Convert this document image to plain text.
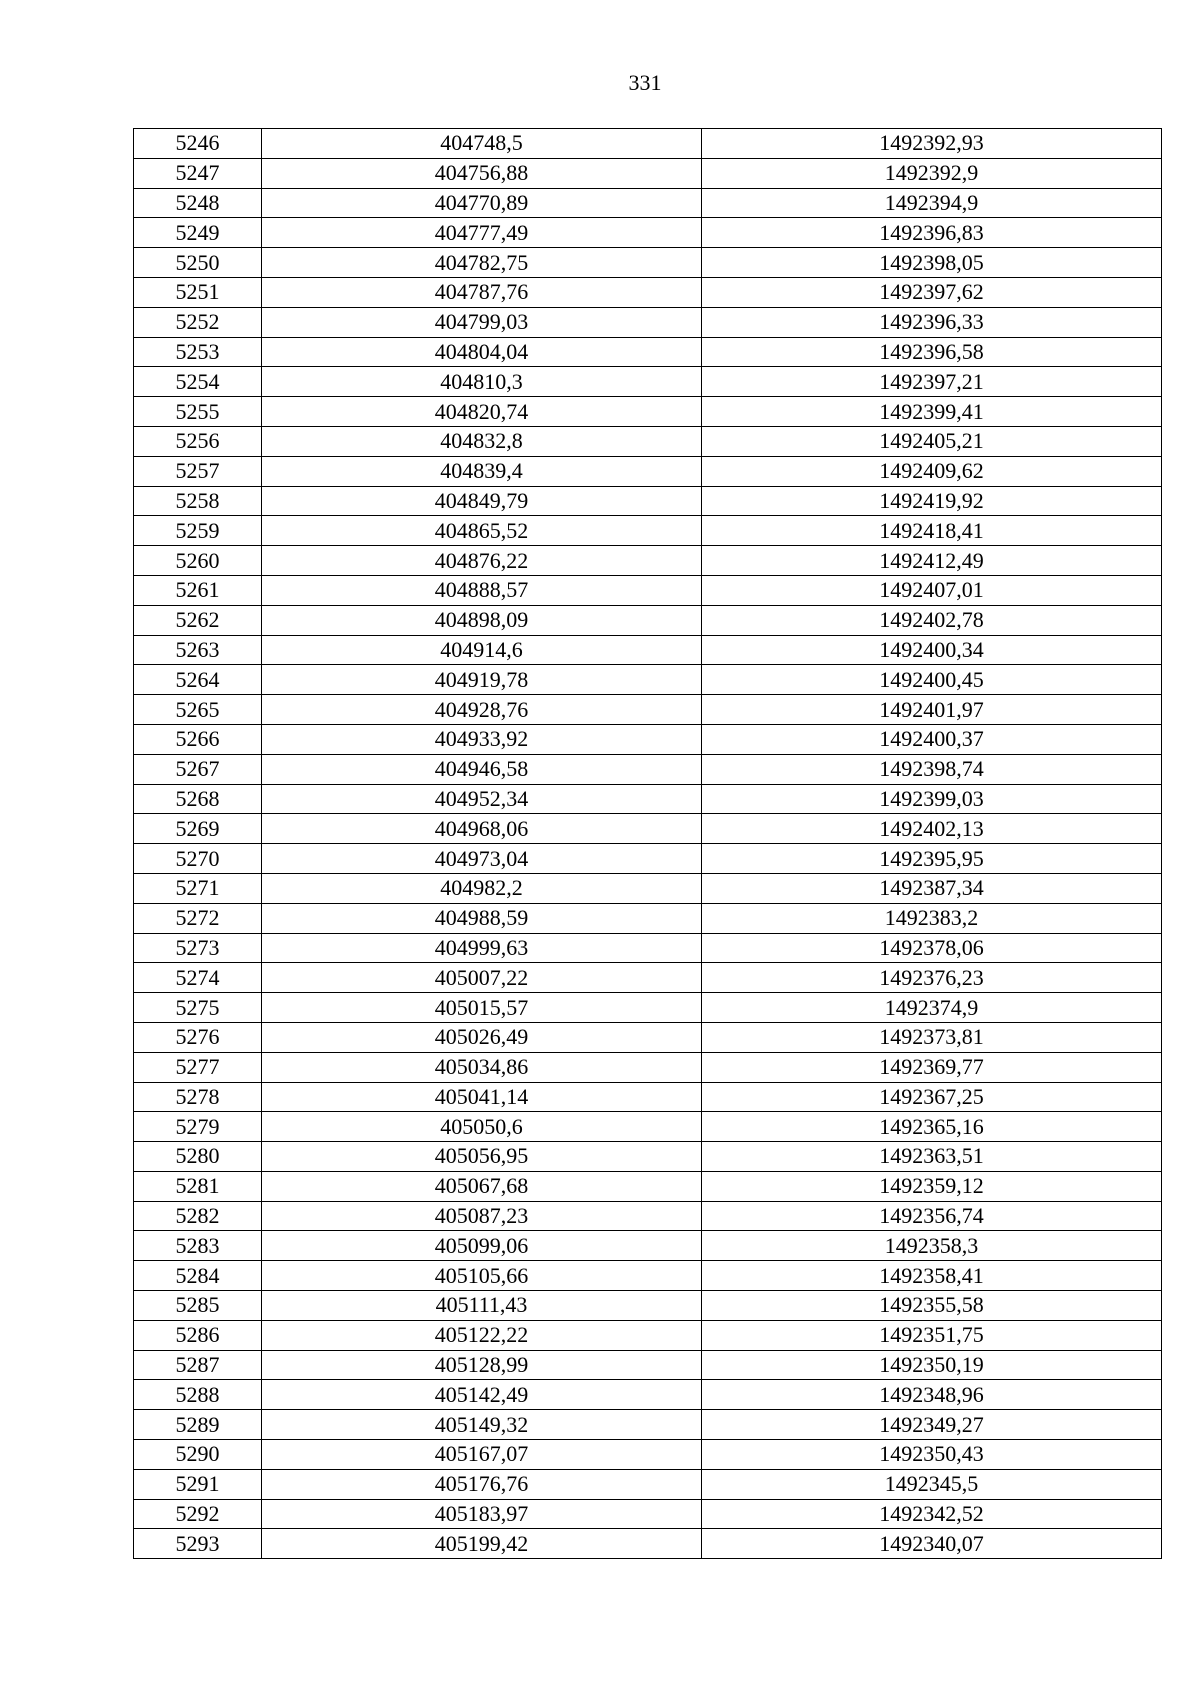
331
5246	404748,5	1492392,93
5247	404756,88	1492392,9
5248	404770,89	1492394,9
5249	404777,49	1492396,83
5250	404782,75	1492398,05
5251	404787,76	1492397,62
5252	404799,03	1492396,33
5253	404804,04	1492396,58
5254	404810,3	1492397,21
5255	404820,74	1492399,41
5256	404832,8	1492405,21
5257	404839,4	1492409,62
5258	404849,79	1492419,92
5259	404865,52	1492418,41
5260	404876,22	1492412,49
5261	404888,57	1492407,01
5262	404898,09	1492402,78
5263	404914,6	1492400,34
5264	404919,78	1492400,45
5265	404928,76	1492401,97
5266	404933,92	1492400,37
5267	404946,58	1492398,74
5268	404952,34	1492399,03
5269	404968,06	1492402,13
5270	404973,04	1492395,95
5271	404982,2	1492387,34
5272	404988,59	1492383,2
5273	404999,63	1492378,06
5274	405007,22	1492376,23
5275	405015,57	1492374,9
5276	405026,49	1492373,81
5277	405034,86	1492369,77
5278	405041,14	1492367,25
5279	405050,6	1492365,16
5280	405056,95	1492363,51
5281	405067,68	1492359,12
5282	405087,23	1492356,74
5283	405099,06	1492358,3
5284	405105,66	1492358,41
5285	405111,43	1492355,58
5286	405122,22	1492351,75
5287	405128,99	1492350,19
5288	405142,49	1492348,96
5289	405149,32	1492349,27
5290	405167,07	1492350,43
5291	405176,76	1492345,5
5292	405183,97	1492342,52
5293	405199,42	1492340,07
